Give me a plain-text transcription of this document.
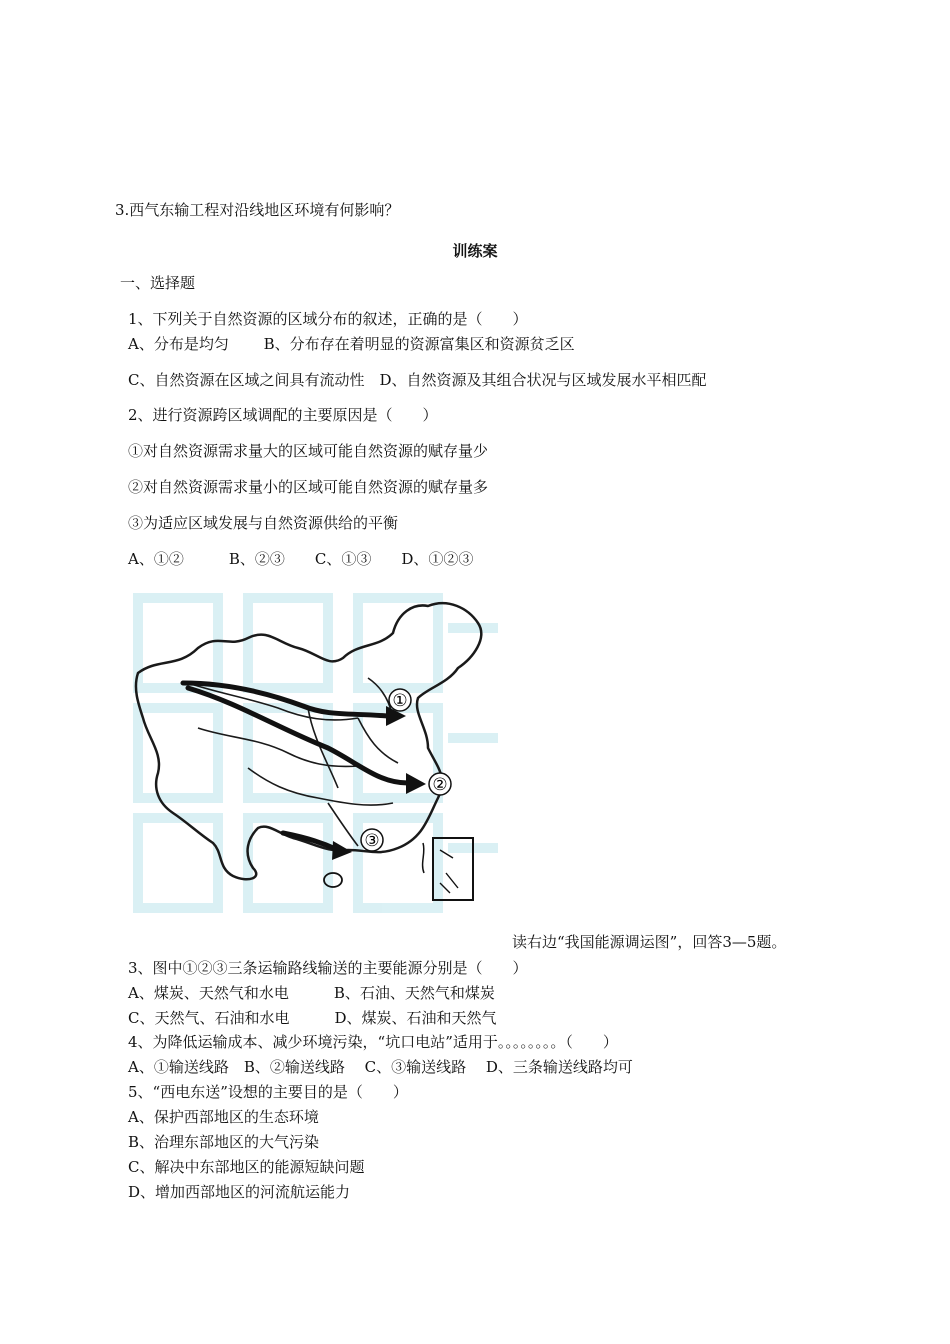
3.西气东输工程对沿线地区环境有何影响？
训练案
一、选择题
1、下列关于自然资源的区域分布的叙述，正确的是（　　）
A、分布是均匀　　 B、分布存在着明显的资源富集区和资源贫乏区
C、自然资源在区域之间具有流动性　D、自然资源及其组合状况与区域发展水平相匹配
2、进行资源跨区域调配的主要原因是（　　）
①对自然资源需求量大的区域可能自然资源的赋存量少
②对自然资源需求量小的区域可能自然资源的赋存量多
③为适应区域发展与自然资源供给的平衡
A、①②　　　B、②③　　C、①③　　D、①②③
①
②
③
读右边“我国能源调运图”，回答3—5题。
3、图中①②③三条运输路线输送的主要能源分别是（　　）
A、煤炭、天然气和水电　　　B、石油、天然气和煤炭
C、天然气、石油和水电　　　D、煤炭、石油和天然气
4、为降低运输成本、减少环境污染，“坑口电站”适用于。。。。。。。。（　　）
A、①输送线路　B、②输送线路　 C、③输送线路　 D、三条输送线路均可
5、“西电东送”设想的主要目的是（　　）
A、保护西部地区的生态环境
B、治理东部地区的大气污染
C、解决中东部地区的能源短缺问题
D、增加西部地区的河流航运能力
